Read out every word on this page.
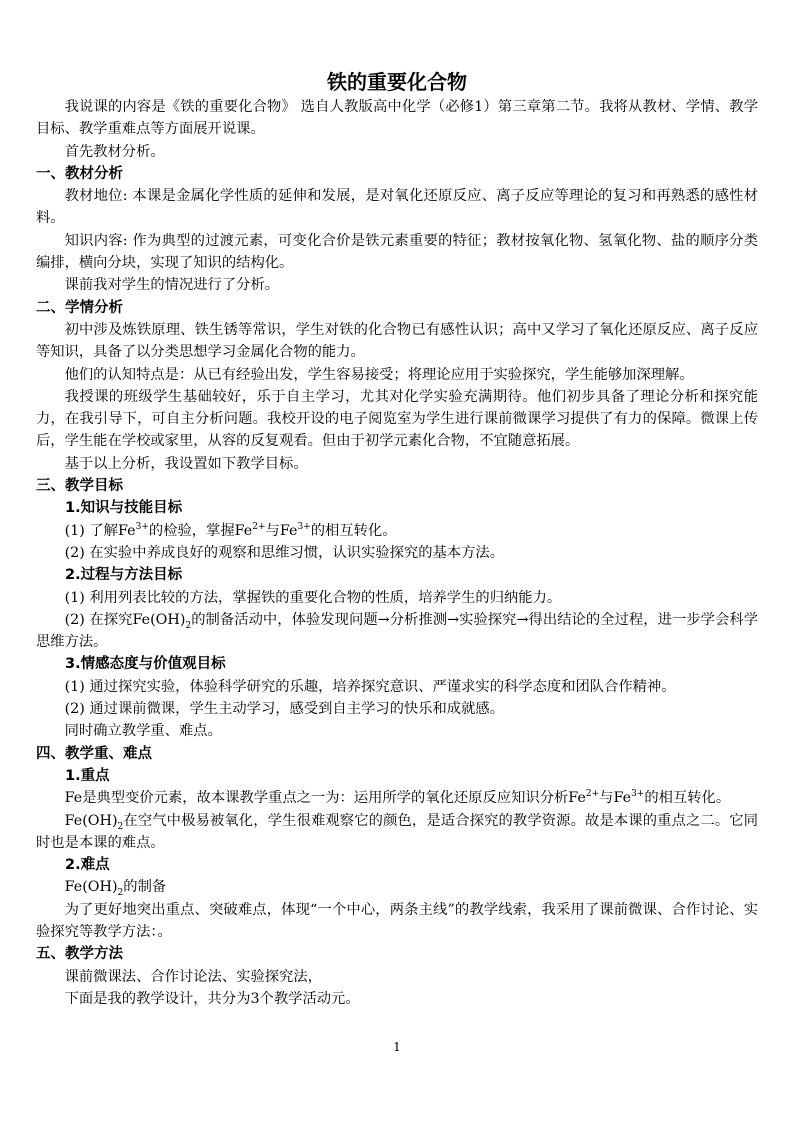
铁的重要化合物

我说课的内容是《铁的重要化合物》 选自人教版高中化学（必修1）第三章第二节。我将从教材、学情、教学目标、教学重难点等方面展开说课。

首先教材分析。

一、教材分析

教材地位: 本课是金属化学性质的延伸和发展，是对氧化还原反应、离子反应等理论的复习和再熟悉的感性材料。

知识内容: 作为典型的过渡元素，可变化合价是铁元素重要的特征；教材按氧化物、氢氧化物、盐的顺序分类编排，横向分块，实现了知识的结构化。

课前我对学生的情况进行了分析。

二、学情分析

初中涉及炼铁原理、铁生锈等常识，学生对铁的化合物已有感性认识；高中又学习了氧化还原反应、离子反应等知识，具备了以分类思想学习金属化合物的能力。

他们的认知特点是：从已有经验出发，学生容易接受；将理论应用于实验探究，学生能够加深理解。

我授课的班级学生基础较好，乐于自主学习，尤其对化学实验充满期待。他们初步具备了理论分析和探究能力，在我引导下，可自主分析问题。我校开设的电子阅览室为学生进行课前微课学习提供了有力的保障。微课上传后，学生能在学校或家里，从容的反复观看。但由于初学元素化合物，不宜随意拓展。

基于以上分析，我设置如下教学目标。

三、教学目标
1.知识与技能目标

(1) 了解$Fe^{3+}$的检验，掌握$Fe^{2+}$与$Fe^{3+}$的相互转化。

(2) 在实验中养成良好的观察和思维习惯，认识实验探究的基本方法。

2.过程与方法目标

(1) 利用列表比较的方法，掌握铁的重要化合物的性质，培养学生的归纳能力。

(2) 在探究$Fe(OH)_2$的制备活动中，体验发现问题→分析推测→实验探究→得出结论的全过程，进一步学会科学思维方法。

3.情感态度与价值观目标

(1) 通过探究实验，体验科学研究的乐趣，培养探究意识、严谨求实的科学态度和团队合作精神。

(2) 通过课前微课，学生主动学习，感受到自主学习的快乐和成就感。

同时确立教学重、难点。

四、教学重、难点
1.重点

Fe是典型变价元素，故本课教学重点之一为：运用所学的氧化还原反应知识分析$Fe^{2+}$与$Fe^{3+}$的相互转化。

$Fe(OH)_2$在空气中极易被氧化，学生很难观察它的颜色，是适合探究的教学资源。故是本课的重点之二。它同时也是本课的难点。

2.难点

$Fe(OH)_2$的制备

为了更好地突出重点、突破难点，体现“一个中心，两条主线”的教学线索，我采用了课前微课、合作讨论、实验探究等教学方法：。

五、教学方法

课前微课法、合作讨论法、实验探究法，

下面是我的教学设计，共分为3个教学活动元。

1
